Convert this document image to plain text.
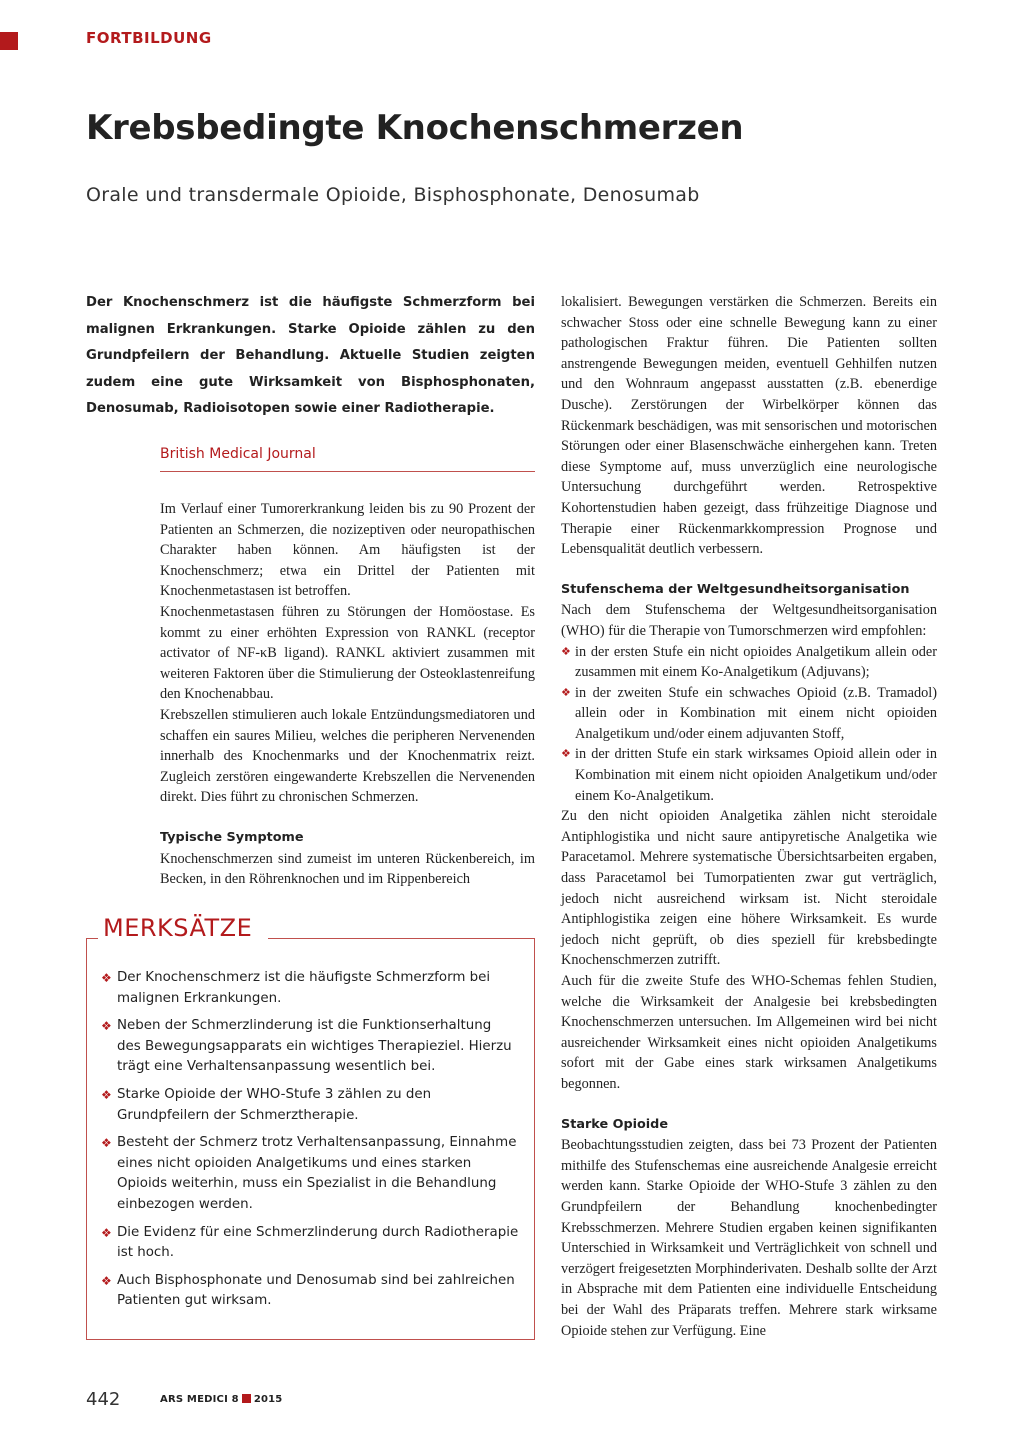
FORTBILDUNG
Krebsbedingte Knochenschmerzen
Orale und transdermale Opioide, Bisphosphonate, Denosumab

Der Knochenschmerz ist die häufigste Schmerzform bei malignen Erkrankungen. Starke Opioide zählen zu den Grundpfeilern der Behandlung. Aktuelle Studien zeigten zudem eine gute Wirksamkeit von Bisphosphonaten, Denosumab, Radioisotopen sowie einer Radiotherapie.

British Medical Journal

Im Verlauf einer Tumorerkrankung leiden bis zu 90 Prozent der Patienten an Schmerzen, die nozizeptiven oder neuropathischen Charakter haben können. Am häufigsten ist der Knochenschmerz; etwa ein Drittel der Patienten mit Knochenmetastasen ist betroffen.

Knochenmetastasen führen zu Störungen der Homöostase. Es kommt zu einer erhöhten Expression von RANKL (receptor activator of NF-κB ligand). RANKL aktiviert zusammen mit weiteren Faktoren über die Stimulierung der Osteoklastenreifung den Knochenabbau.

Krebszellen stimulieren auch lokale Entzündungsmediatoren und schaffen ein saures Milieu, welches die peripheren Nervenenden innerhalb des Knochenmarks und der Knochenmatrix reizt. Zugleich zerstören eingewanderte Krebszellen die Nervenenden direkt. Dies führt zu chronischen Schmerzen.

Typische Symptome

Knochenschmerzen sind zumeist im unteren Rückenbereich, im Becken, in den Röhrenknochen und im Rippenbereich

MERKSÄTZE
❖ Der Knochenschmerz ist die häufigste Schmerzform bei malignen Erkrankungen.
❖ Neben der Schmerzlinderung ist die Funktionserhaltung des Bewegungsapparats ein wichtiges Therapieziel. Hierzu trägt eine Verhaltensanpassung wesentlich bei.
❖ Starke Opioide der WHO-Stufe 3 zählen zu den Grundpfeilern der Schmerztherapie.
❖ Besteht der Schmerz trotz Verhaltensanpassung, Einnahme eines nicht opioiden Analgetikums und eines starken Opioids weiterhin, muss ein Spezialist in die Behandlung einbezogen werden.
❖ Die Evidenz für eine Schmerzlinderung durch Radiotherapie ist hoch.
❖ Auch Bisphosphonate und Denosumab sind bei zahlreichen Patienten gut wirksam.

lokalisiert. Bewegungen verstärken die Schmerzen. Bereits ein schwacher Stoss oder eine schnelle Bewegung kann zu einer pathologischen Fraktur führen. Die Patienten sollten anstrengende Bewegungen meiden, eventuell Gehhilfen nutzen und den Wohnraum angepasst ausstatten (z.B. ebenerdige Dusche). Zerstörungen der Wirbelkörper können das Rückenmark beschädigen, was mit sensorischen und motorischen Störungen oder einer Blasenschwäche einhergehen kann. Treten diese Symptome auf, muss unverzüglich eine neurologische Untersuchung durchgeführt werden. Retrospektive Kohortenstudien haben gezeigt, dass frühzeitige Diagnose und Therapie einer Rückenmarkkompression Prognose und Lebensqualität deutlich verbessern.

Stufenschema der Weltgesundheitsorganisation

Nach dem Stufenschema der Weltgesundheitsorganisation (WHO) für die Therapie von Tumorschmerzen wird empfohlen:

❖ in der ersten Stufe ein nicht opioides Analgetikum allein oder zusammen mit einem Ko-Analgetikum (Adjuvans);
❖ in der zweiten Stufe ein schwaches Opioid (z.B. Tramadol) allein oder in Kombination mit einem nicht opioiden Analgetikum und/oder einem adjuvanten Stoff,
❖ in der dritten Stufe ein stark wirksames Opioid allein oder in Kombination mit einem nicht opioiden Analgetikum und/oder einem Ko-Analgetikum.

Zu den nicht opioiden Analgetika zählen nicht steroidale Antiphlogistika und nicht saure antipyretische Analgetika wie Paracetamol. Mehrere systematische Übersichtsarbeiten ergaben, dass Paracetamol bei Tumorpatienten zwar gut verträglich, jedoch nicht ausreichend wirksam ist. Nicht steroidale Antiphlogistika zeigen eine höhere Wirksamkeit. Es wurde jedoch nicht geprüft, ob dies speziell für krebsbedingte Knochenschmerzen zutrifft.

Auch für die zweite Stufe des WHO-Schemas fehlen Studien, welche die Wirksamkeit der Analgesie bei krebsbedingten Knochenschmerzen untersuchen. Im Allgemeinen wird bei nicht ausreichender Wirksamkeit eines nicht opioiden Analgetikums sofort mit der Gabe eines stark wirksamen Analgetikums begonnen.

Starke Opioide

Beobachtungsstudien zeigten, dass bei 73 Prozent der Patienten mithilfe des Stufenschemas eine ausreichende Analgesie erreicht werden kann. Starke Opioide der WHO-Stufe 3 zählen zu den Grundpfeilern der Behandlung knochenbedingter Krebsschmerzen. Mehrere Studien ergaben keinen signifikanten Unterschied in Wirksamkeit und Verträglichkeit von schnell und verzögert freigesetzten Morphinderivaten. Deshalb sollte der Arzt in Absprache mit dem Patienten eine individuelle Entscheidung bei der Wahl des Präparats treffen. Mehrere stark wirksame Opioide stehen zur Verfügung. Eine

442	ARS MEDICI 8 2015
